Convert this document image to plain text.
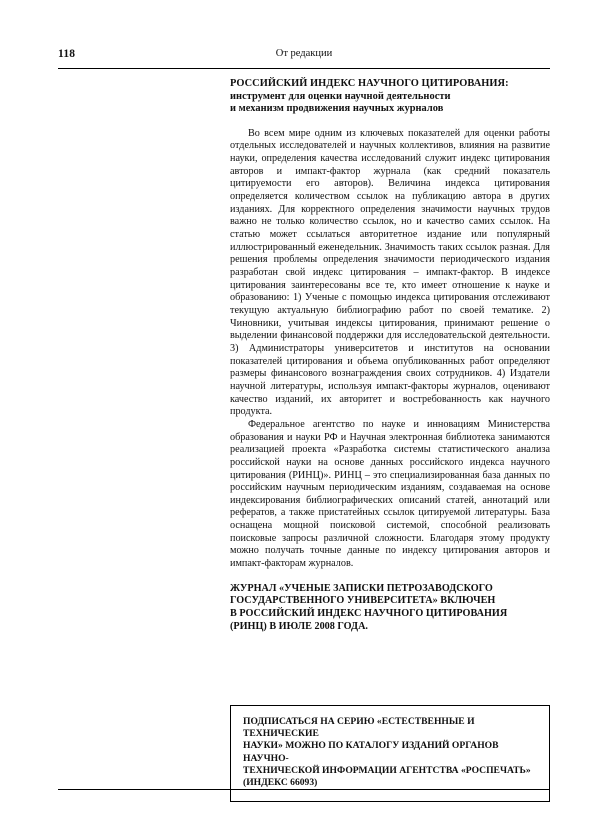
118	От редакции
РОССИЙСКИЙ ИНДЕКС НАУЧНОГО ЦИТИРОВАНИЯ:
инструмент для оценки научной деятельности
и механизм продвижения научных журналов

Во всем мире одним из ключевых показателей для оценки работы отдельных исследователей и научных коллективов, влияния на развитие науки, определения качества исследований служит индекс цитирования авторов и импакт-фактор журнала (как средний показатель цитируемости его авторов). Величина индекса цитирования определяется количеством ссылок на публикацию автора в других изданиях. Для корректного определения значимости научных трудов важно не только количество ссылок, но и качество самих ссылок. На статью может ссылаться авторитетное издание или популярный иллюстрированный еженедельник. Значимость таких ссылок разная. Для решения проблемы определения значимости периодического издания разработан свой индекс цитирования – импакт-фактор. В индексе цитирования заинтересованы все те, кто имеет отношение к науке и образованию: 1) Ученые с помощью индекса цитирования отслеживают текущую актуальную библиографию работ по своей тематике. 2) Чиновники, учитывая индексы цитирования, принимают решение о выделении финансовой поддержки для исследовательской деятельности. 3) Администраторы университетов и институтов на основании показателей цитирования и объема опубликованных работ определяют размеры финансового вознаграждения своих сотрудников. 4) Издатели научной литературы, используя импакт-факторы журналов, оценивают качество изданий, их авторитет и востребованность как научного продукта.

Федеральное агентство по науке и инновациям Министерства образования и науки РФ и Научная электронная библиотека занимаются реализацией проекта «Разработка системы статистического анализа российской науки на основе данных российского индекса научного цитирования (РИНЦ)». РИНЦ – это специализированная база данных по российским научным периодическим изданиям, создаваемая на основе индексирования библиографических описаний статей, аннотаций или рефератов, а также пристатейных ссылок цитируемой литературы. База оснащена мощной поисковой системой, способной реализовать поисковые запросы различной сложности. Благодаря этому продукту можно получать точные данные по индексу цитирования авторов и импакт-факторам журналов.

ЖУРНАЛ «УЧЕНЫЕ ЗАПИСКИ ПЕТРОЗАВОДСКОГО
ГОСУДАРСТВЕННОГО УНИВЕРСИТЕТА» ВКЛЮЧЕН
В РОССИЙСКИЙ ИНДЕКС НАУЧНОГО ЦИТИРОВАНИЯ
(РИНЦ) В ИЮЛЕ 2008 ГОДА.
ПОДПИСАТЬСЯ НА СЕРИЮ «ЕСТЕСТВЕННЫЕ И ТЕХНИЧЕСКИЕ
НАУКИ» МОЖНО ПО КАТАЛОГУ ИЗДАНИЙ ОРГАНОВ НАУЧНО-
ТЕХНИЧЕСКОЙ ИНФОРМАЦИИ АГЕНТСТВА «РОСПЕЧАТЬ»
(ИНДЕКС 66093)
